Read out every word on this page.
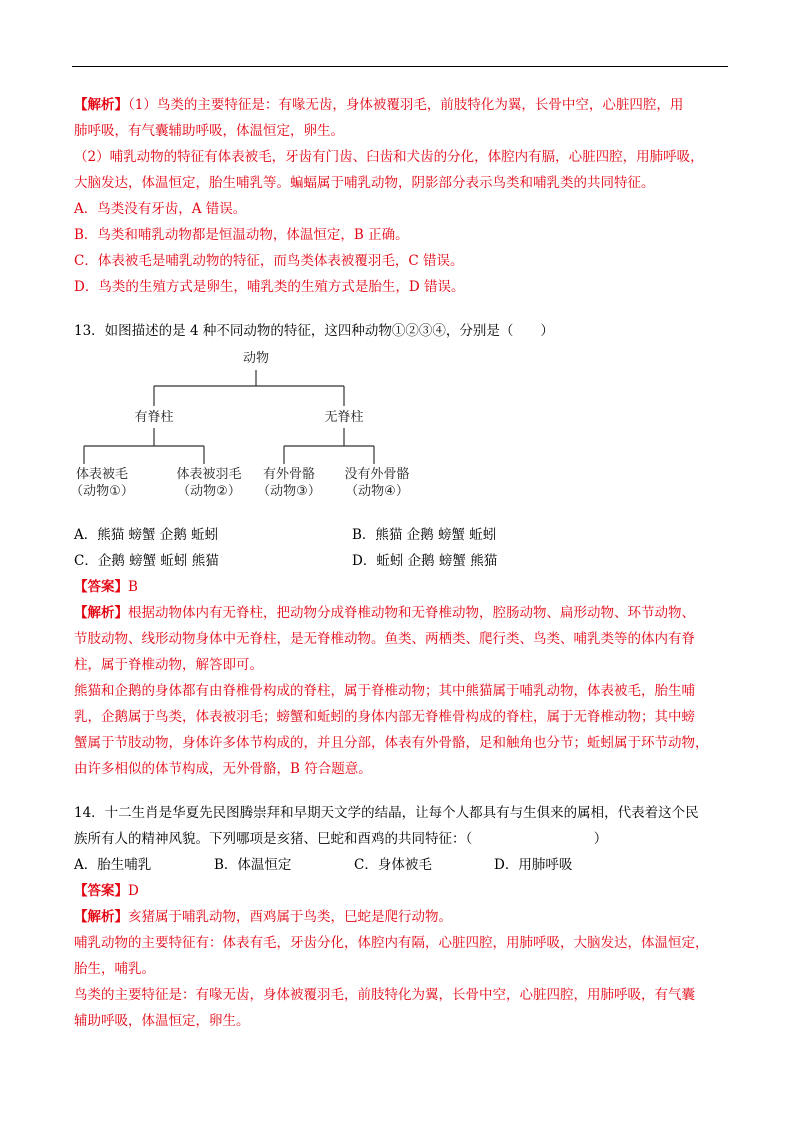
【解析】（1）鸟类的主要特征是：有喙无齿，身体被覆羽毛，前肢特化为翼，长骨中空，心脏四腔，用
肺呼吸，有气囊辅助呼吸，体温恒定，卵生。
（2）哺乳动物的特征有体表被毛，牙齿有门齿、臼齿和犬齿的分化，体腔内有膈，心脏四腔，用肺呼吸，
大脑发达，体温恒定，胎生哺乳等。蝙蝠属于哺乳动物，阴影部分表示鸟类和哺乳类的共同特征。
A．鸟类没有牙齿，A 错误。
B．鸟类和哺乳动物都是恒温动物，体温恒定，B 正确。
C．体表被毛是哺乳动物的特征，而鸟类体表被覆羽毛，C 错误。
D．鸟类的生殖方式是卵生，哺乳类的生殖方式是胎生，D 错误。
13．如图描述的是 4 种不同动物的特征，这四种动物①②③④，分别是（　　）
动物
有脊柱	无脊柱
体表被毛
（动物①）
体表被羽毛
（动物②）
有外骨骼
（动物③）
没有外骨骼
（动物④）
A．熊猫 螃蟹 企鹅 蚯蚓	B．熊猫 企鹅 螃蟹 蚯蚓
C．企鹅 螃蟹 蚯蚓 熊猫	D．蚯蚓 企鹅 螃蟹 熊猫
【答案】B
【解析】根据动物体内有无脊柱，把动物分成脊椎动物和无脊椎动物，腔肠动物、扁形动物、环节动物、
节肢动物、线形动物身体中无脊柱，是无脊椎动物。鱼类、两栖类、爬行类、鸟类、哺乳类等的体内有脊
柱，属于脊椎动物，解答即可。
熊猫和企鹅的身体都有由脊椎骨构成的脊柱，属于脊椎动物；其中熊猫属于哺乳动物，体表被毛，胎生哺
乳，企鹅属于鸟类，体表被羽毛；螃蟹和蚯蚓的身体内部无脊椎骨构成的脊柱，属于无脊椎动物；其中螃
蟹属于节肢动物，身体许多体节构成的，并且分部，体表有外骨骼，足和触角也分节；蚯蚓属于环节动物，
由许多相似的体节构成，无外骨骼，B 符合题意。
14．十二生肖是华夏先民图腾崇拜和早期天文学的结晶，让每个人都具有与生俱来的属相，代表着这个民
族所有人的精神风貌。下列哪项是亥猪、巳蛇和酉鸡的共同特征：（　　　　　　　　　）
A．胎生哺乳	B．体温恒定	C．身体被毛	D．用肺呼吸
【答案】D
【解析】亥猪属于哺乳动物，酉鸡属于鸟类，巳蛇是爬行动物。
哺乳动物的主要特征有：体表有毛，牙齿分化，体腔内有隔，心脏四腔，用肺呼吸，大脑发达，体温恒定，
胎生，哺乳。
鸟类的主要特征是：有喙无齿，身体被覆羽毛，前肢特化为翼，长骨中空，心脏四腔，用肺呼吸，有气囊
辅助呼吸，体温恒定，卵生。
